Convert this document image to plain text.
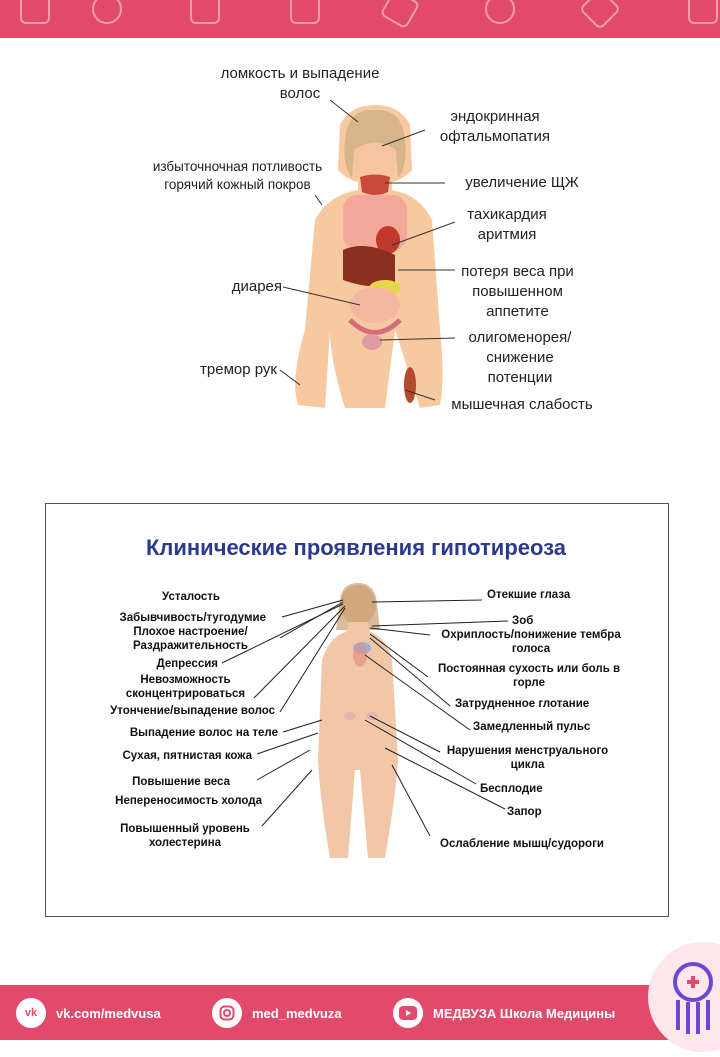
ломкость и выпадение
волос
эндокринная
офтальмопатия
избыточночная потливость
горячий кожный покров	увеличение ЩЖ
тахикардия
аритмия
потеря веса при
повышенном
аппетите
диарея
олигоменорея/
снижение
потенции
тремор рук
мышечная слабость
Клинические проявления гипотиреоза
Усталость
Забывчивость/тугодумие
Плохое настроение/
Раздражительность
Депрессия
Невозможность
сконцентрироваться
Утончение/выпадение волос
Выпадение волос на теле
Сухая, пятнистая кожа
Повышение веса
Непереносимость холода
Повышенный уровень
холестерина
Отекшие глаза
Зоб
Охриплость/понижение тембра
голоса
Постоянная сухость или боль в
горле
Затрудненное глотание
Замедленный пульс
Нарушения менструального
цикла
Бесплодие
Запор
Ослабление мышц/судороги
vk	vk.com/medvusa	med_medvuza	МЕДВУЗА Школа Медицины
